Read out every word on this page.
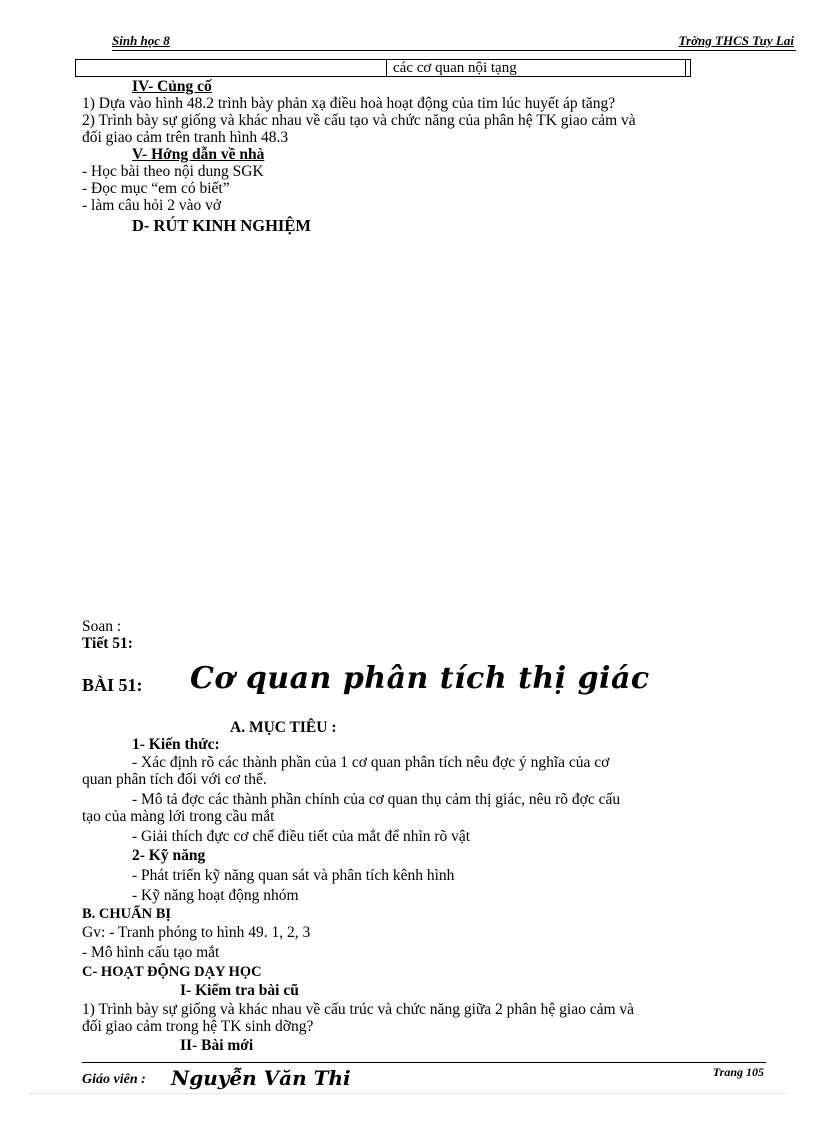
Sinh học 8	Trờng THCS Tuy Lai
các cơ quan nội tạng
IV- Củng cố
1) Dựa vào hình 48.2 trình bày phản xạ điều hoà hoạt động của tim lúc huyết áp tăng?
2) Trình bày sự giống và khác nhau về cấu tạo và chức năng của phân hệ TK giao cảm và
đối giao cảm trên tranh hình 48.3
V- Hớng dẫn về nhà
- Học bài theo nội dung SGK
- Đọc mục “em có biết”
- làm câu hỏi 2 vào vở
D- RÚT KINH NGHIỆM
Soan :
Tiết 51:
BÀI 51: Cơ quan phân tích thị giác
A. MỤC TIÊU :
1- Kiến thức:
- Xác định rõ các thành phần của 1 cơ quan phân tích nêu đợc ý nghĩa của cơ
quan phân tích đối với cơ thể.
- Mô tả đợc các thành phần chính của cơ quan thụ cảm thị giác, nêu rõ đợc cấu
tạo của màng lới trong cầu mắt
- Giải thích đực cơ chế điều tiết của mắt để nhìn rõ vật
2- Kỹ năng
- Phát triển kỹ năng quan sát và phân tích kênh hình
- Kỹ năng hoạt động nhóm
B. CHUẨN BỊ
Gv: - Tranh phóng to hình 49. 1, 2, 3
- Mô hình cấu tạo mắt
C- HOẠT ĐỘNG DẠY HỌC
I- Kiểm tra bài cũ
1) Trình bày sự giống và khác nhau về cấu trúc và chức năng giữa 2 phân hệ giao cảm và
đối giao cảm trong hệ TK sinh dỡng?
II- Bài mới
Giáo viên : Nguyễn Văn Thi	Trang 105
